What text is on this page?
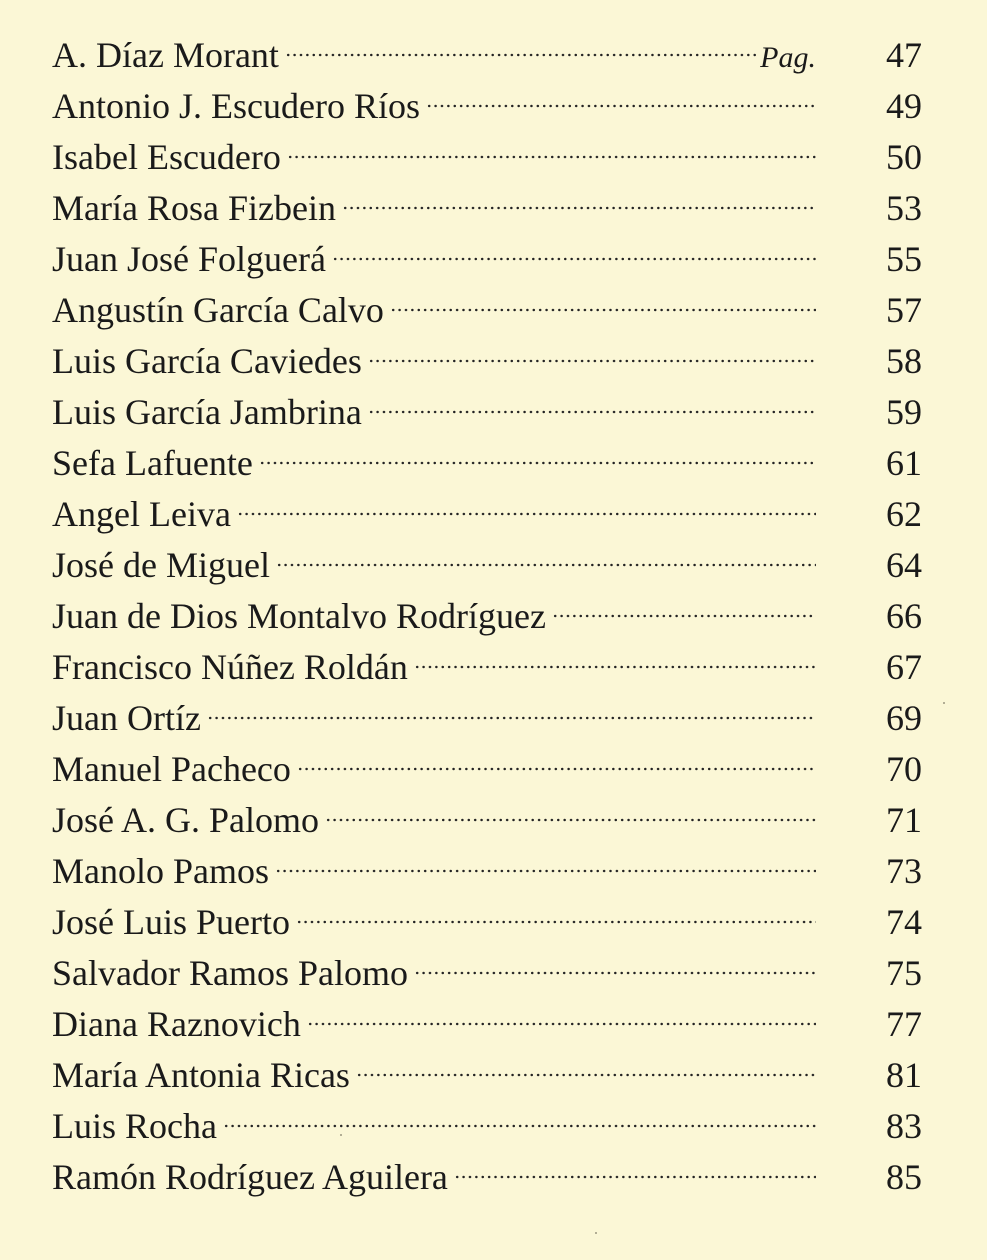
A. Díaz Morant	Pag.	47
Antonio J. Escudero Ríos	49
Isabel Escudero	50
María Rosa Fizbein	53
Juan José Folguerá	55
Angustín García Calvo	57
Luis García Caviedes	58
Luis García Jambrina	59
Sefa Lafuente	61
Angel Leiva	62
José de Miguel	64
Juan de Dios Montalvo Rodríguez	66
Francisco Núñez Roldán	67
Juan Ortíz	69
Manuel Pacheco	70
José A. G. Palomo	71
Manolo Pamos	73
José Luis Puerto	74
Salvador Ramos Palomo	75
Diana Raznovich	77
María Antonia Ricas	81
Luis Rocha	83
Ramón Rodríguez Aguilera	85
